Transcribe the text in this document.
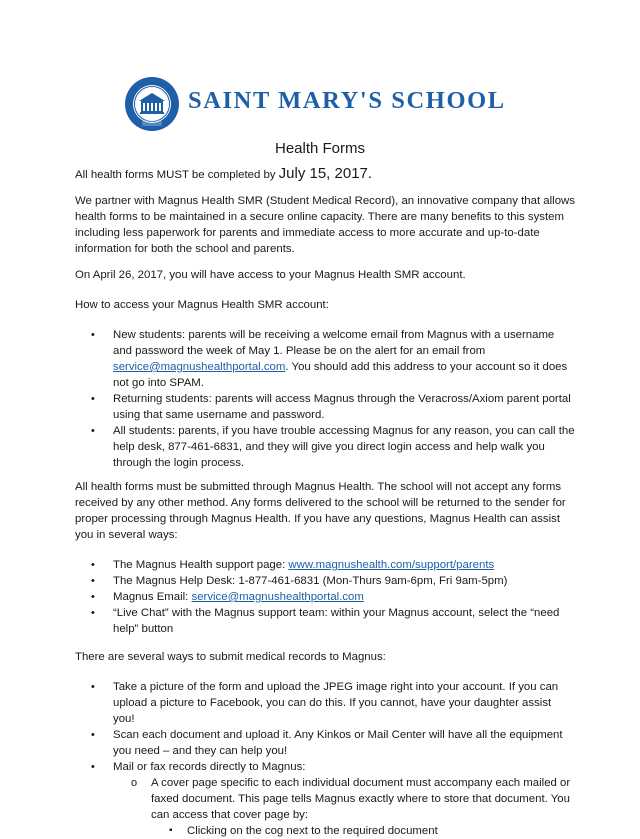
SAINT MARY'S SCHOOL
Health Forms

All health forms MUST be completed by July 15, 2017.

We partner with Magnus Health SMR (Student Medical Record), an innovative company that allows health forms to be maintained in a secure online capacity. There are many benefits to this system including less paperwork for parents and immediate access to more accurate and up-to-date information for both the school and parents.

On April 26, 2017, you will have access to your Magnus Health SMR account.

How to access your Magnus Health SMR account:

• New students: parents will be receiving a welcome email from Magnus with a username and password the week of May 1. Please be on the alert for an email from service@magnushealthportal.com. You should add this address to your account so it does not go into SPAM.
• Returning students: parents will access Magnus through the Veracross/Axiom parent portal using that same username and password.
• All students: parents, if you have trouble accessing Magnus for any reason, you can call the help desk, 877-461-6831, and they will give you direct login access and help walk you through the login process.

All health forms must be submitted through Magnus Health. The school will not accept any forms received by any other method. Any forms delivered to the school will be returned to the sender for proper processing through Magnus Health. If you have any questions, Magnus Health can assist you in several ways:

• The Magnus Health support page: www.magnushealth.com/support/parents
• The Magnus Help Desk: 1-877-461-6831 (Mon-Thurs 9am-6pm, Fri 9am-5pm)
• Magnus Email: service@magnushealthportal.com
• “Live Chat” with the Magnus support team: within your Magnus account, select the “need help” button

There are several ways to submit medical records to Magnus:

• Take a picture of the form and upload the JPEG image right into your account. If you can upload a picture to Facebook, you can do this. If you cannot, have your daughter assist you!
• Scan each document and upload it. Any Kinkos or Mail Center will have all the equipment you need – and they can help you!
• Mail or fax records directly to Magnus:
o A cover page specific to each individual document must accompany each mailed or faxed document. This page tells Magnus exactly where to store that document. You can access that cover page by:
▪ Clicking on the cog next to the required document
